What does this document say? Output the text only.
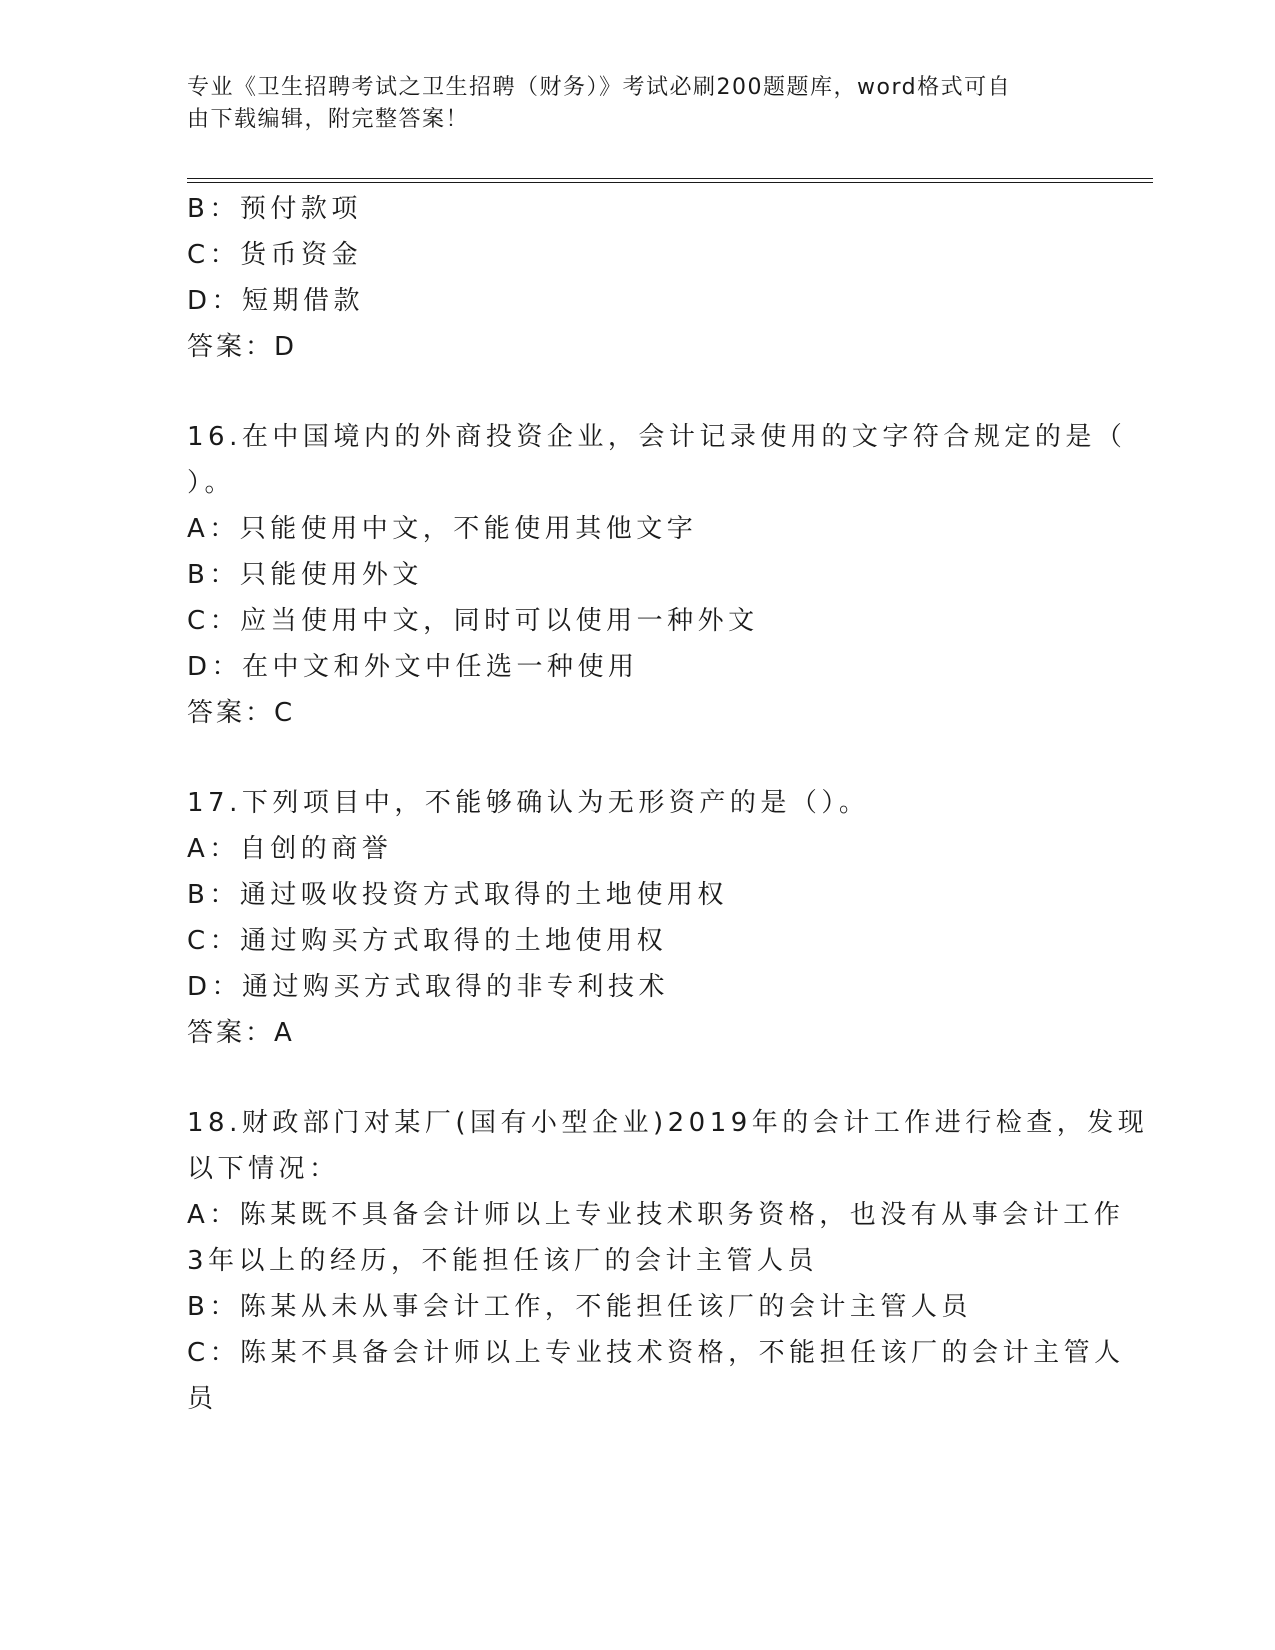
专业《卫生招聘考试之卫生招聘（财务）》考试必刷200题题库，word格式可自
由下载编辑，附完整答案！
B：预付款项
C：货币资金
D：短期借款
答案：D
16.在中国境内的外商投资企业，会计记录使用的文字符合规定的是（
）。
A：只能使用中文，不能使用其他文字
B：只能使用外文
C：应当使用中文，同时可以使用一种外文
D：在中文和外文中任选一种使用
答案：C
17.下列项目中，不能够确认为无形资产的是（）。
A：自创的商誉
B：通过吸收投资方式取得的土地使用权
C：通过购买方式取得的土地使用权
D：通过购买方式取得的非专利技术
答案：A
18.财政部门对某厂(国有小型企业)2019年的会计工作进行检查，发现
以下情况：
A：陈某既不具备会计师以上专业技术职务资格，也没有从事会计工作
3年以上的经历，不能担任该厂的会计主管人员
B：陈某从未从事会计工作，不能担任该厂的会计主管人员
C：陈某不具备会计师以上专业技术资格，不能担任该厂的会计主管人
员
